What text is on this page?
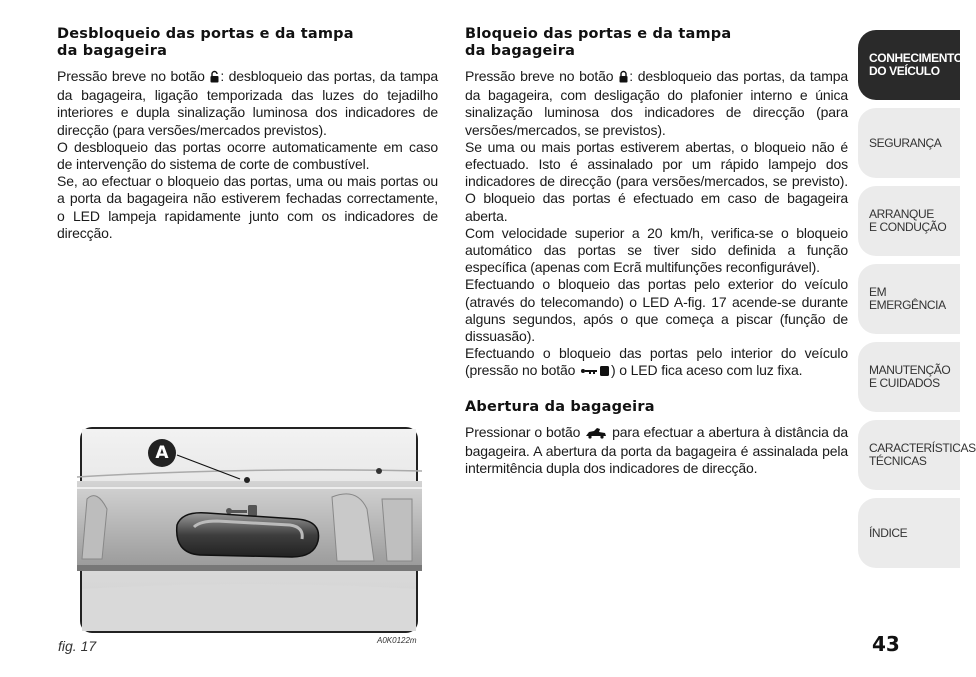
Desbloqueio das portas e da tampa
da bagageira

Pressão breve no botão : desbloqueio das portas, da tampa da bagageira, ligação temporizada das luzes do tejadilho interiores e dupla sinalização luminosa dos indicadores de direcção (para versões/mercados previstos).

O desbloqueio das portas ocorre automaticamente em caso de intervenção do sistema de corte de combustível.

Se, ao efectuar o bloqueio das portas, uma ou mais portas ou a porta da bagageira não estiverem fechadas correctamente, o LED lampeja rapidamente junto com os indicadores de direcção.

Bloqueio das portas e da tampa
da bagageira

Pressão breve no botão : desbloqueio das portas, da tampa da bagageira, com desligação do plafonier interno e única sinalização luminosa dos indicadores de direcção (para versões/mercados, se previstos).

Se uma ou mais portas estiverem abertas, o bloqueio não é efectuado. Isto é assinalado por um rápido lampejo dos indicadores de direcção (para versões/mercados, se previsto). O bloqueio das portas é efectuado em caso de bagageira aberta.

Com velocidade superior a 20 km/h, verifica-se o bloqueio automático das portas se tiver sido definida a função específica (apenas com Ecrã multifunções reconfigurável).

Efectuando o bloqueio das portas pelo exterior do veículo (através do telecomando) o LED A-fig. 17 acende-se durante alguns segundos, após o que começa a piscar (função de dissuasão).

Efectuando o bloqueio das portas pelo interior do veículo (pressão no botão ) o LED fica aceso com luz fixa.

Abertura da bagageira

Pressionar o botão  para efectuar a abertura à distância da bagageira. A abertura da porta da bagageira é assinalada pela intermitência dupla dos indicadores de direcção.

A
fig. 17	A0K0122m
CONHECIMENTO
DO VEÍCULO
SEGURANÇA
ARRANQUE
E CONDUÇÃO
EM EMERGÊNCIA
MANUTENÇÃO
E CUIDADOS
CARACTERÍSTICAS
TÉCNICAS
ÍNDICE
43
